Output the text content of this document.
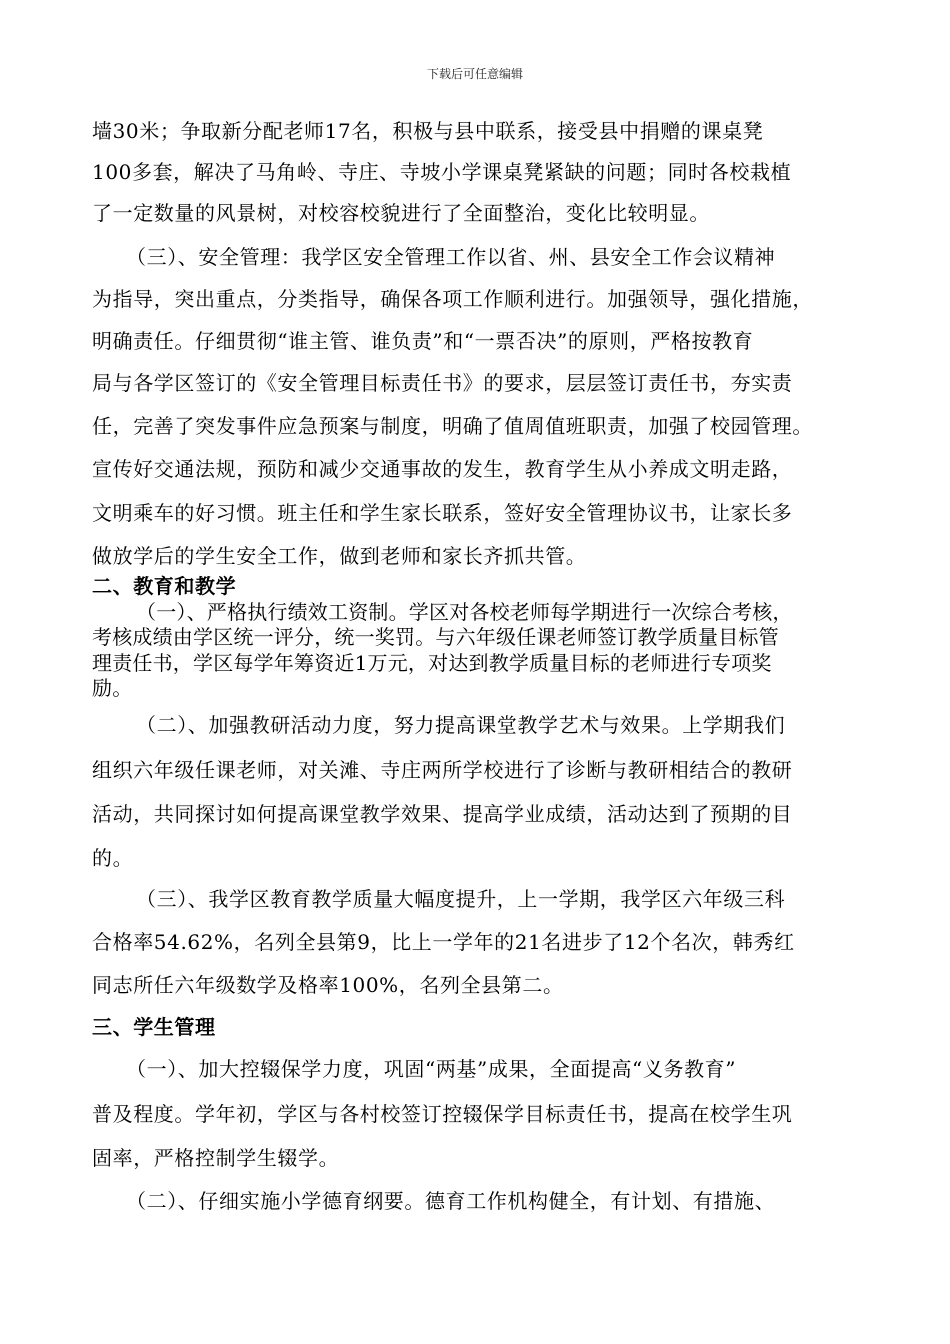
下载后可任意编辑
墙30米；争取新分配老师17名，积极与县中联系，接受县中捐赠的课桌凳
100多套，解决了马角岭、寺庄、寺坡小学课桌凳紧缺的问题；同时各校栽植
了一定数量的风景树，对校容校貌进行了全面整治，变化比较明显。
（三）、安全管理：我学区安全管理工作以省、州、县安全工作会议精神
为指导，突出重点，分类指导，确保各项工作顺利进行。加强领导，强化措施，
明确责任。仔细贯彻“谁主管、谁负责”和“一票否决”的原则，严格按教育
局与各学区签订的《安全管理目标责任书》的要求，层层签订责任书，夯实责
任，完善了突发事件应急预案与制度，明确了值周值班职责，加强了校园管理。
宣传好交通法规，预防和减少交通事故的发生，教育学生从小养成文明走路，
文明乘车的好习惯。班主任和学生家长联系，签好安全管理协议书，让家长多
做放学后的学生安全工作，做到老师和家长齐抓共管。
二、教育和教学
（一）、严格执行绩效工资制。学区对各校老师每学期进行一次综合考核，
考核成绩由学区统一评分，统一奖罚。与六年级任课老师签订教学质量目标管
理责任书，学区每学年筹资近1万元，对达到教学质量目标的老师进行专项奖
励。
（二）、加强教研活动力度，努力提高课堂教学艺术与效果。上学期我们
组织六年级任课老师，对关滩、寺庄两所学校进行了诊断与教研相结合的教研
活动，共同探讨如何提高课堂教学效果、提高学业成绩，活动达到了预期的目
的。
（三）、我学区教育教学质量大幅度提升，上一学期，我学区六年级三科
合格率54.62%，名列全县第9，比上一学年的21名进步了12个名次，韩秀红
同志所任六年级数学及格率100%，名列全县第二。
三、学生管理
（一）、加大控辍保学力度，巩固“两基”成果，全面提高“义务教育”
普及程度。学年初，学区与各村校签订控辍保学目标责任书，提高在校学生巩
固率，严格控制学生辍学。
（二）、仔细实施小学德育纲要。德育工作机构健全，有计划、有措施、
